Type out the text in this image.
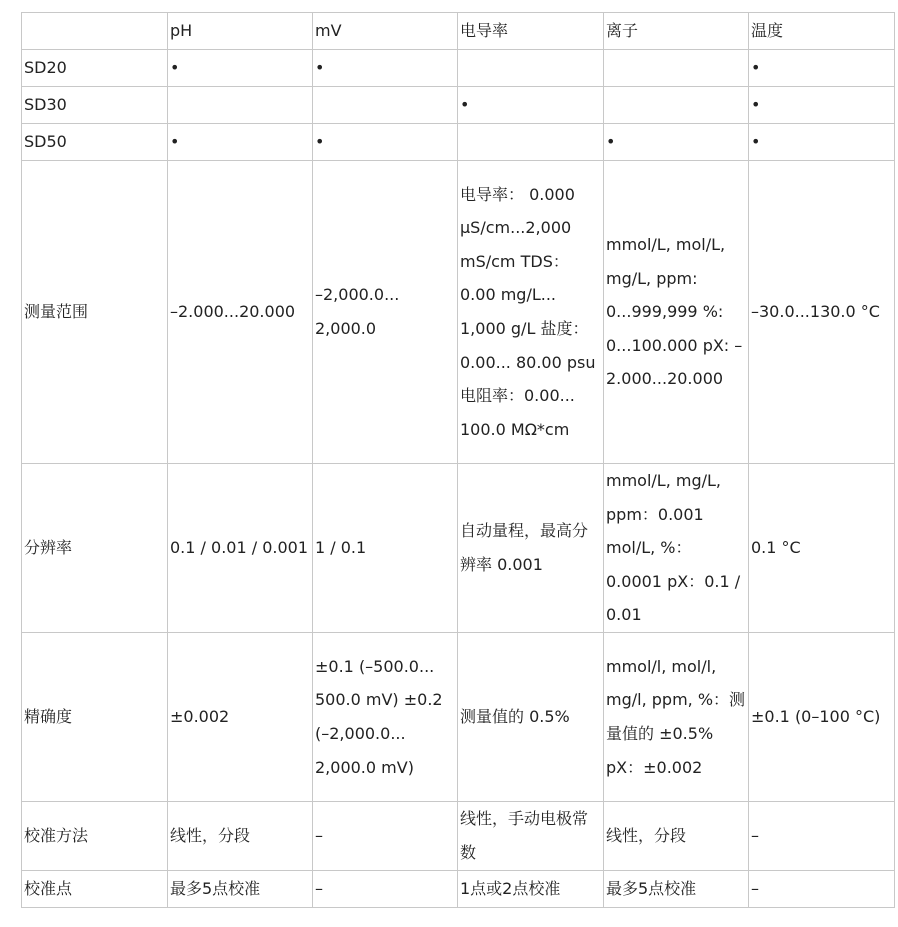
	pH	mV	电导率	离子	温度
SD20	•	•			•
SD30			•		•
SD50	•	•		•	•
测量范围	–2.000...20.000	–2,000.0... 2,000.0	电导率： 0.000 µS/cm...2,000 mS/cm TDS：0.00 mg/L... 1,000 g/L 盐度：0.00... 80.00 psu 电阻率：0.00... 100.0 MΩ*cm	mmol/L, mol/L, mg/L, ppm: 0...999,999 %: 0...100.000 pX: –2.000...20.000	–30.0...130.0 °C
分辨率	0.1 / 0.01 / 0.001	1 / 0.1	自动量程，最高分辨率 0.001	mmol/L, mg/L, ppm：0.001 mol/L, %：0.0001 pX：0.1 / 0.01	0.1 °C
精确度	±0.002	±0.1 (–500.0... 500.0 mV) ±0.2 (–2,000.0... 2,000.0 mV)	测量值的 0.5%	mmol/l, mol/l, mg/l, ppm, %：测量值的 ±0.5% pX：±0.002	±0.1 (0–100 °C)
校准方法	线性，分段	–	线性，手动电极常数	线性，分段	–
校准点	最多5点校准	–	1点或2点校准	最多5点校准	–
